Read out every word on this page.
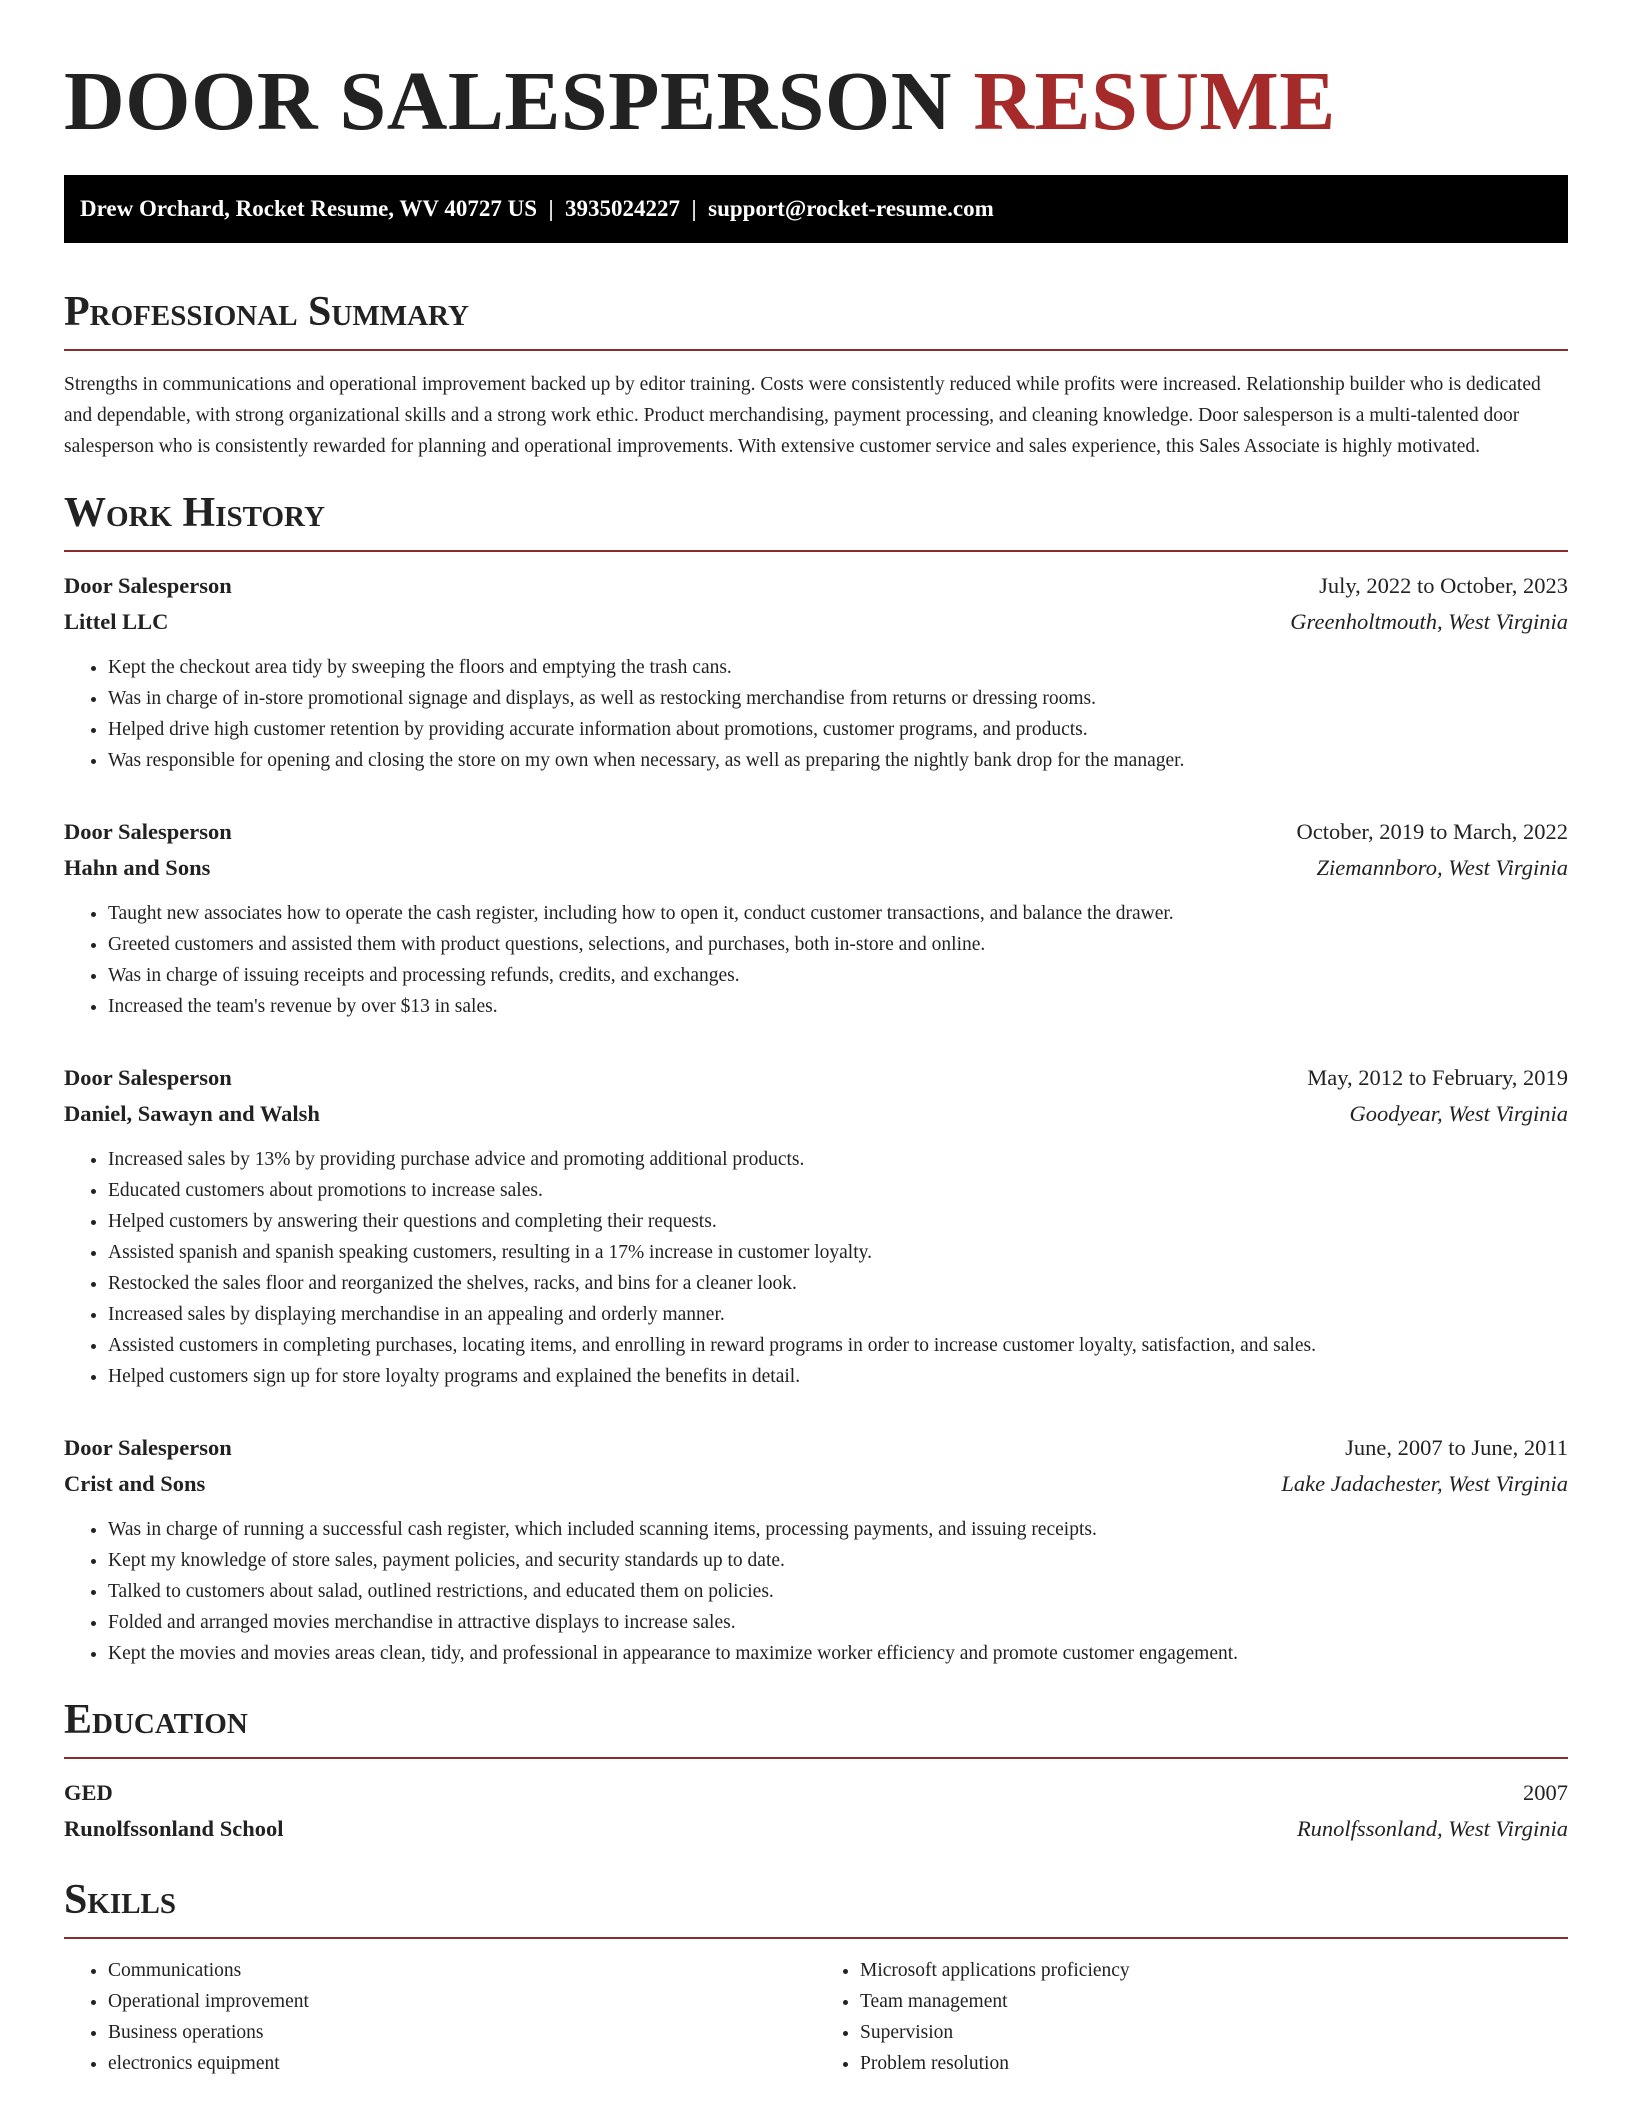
DOOR SALESPERSON RESUME
Drew Orchard, Rocket Resume, WV 40727 US  |  3935024227  |  support@rocket-resume.com
Professional Summary

Strengths in communications and operational improvement backed up by editor training. Costs were consistently reduced while profits were increased. Relationship builder who is dedicated and dependable, with strong organizational skills and a strong work ethic. Product merchandising, payment processing, and cleaning knowledge. Door salesperson is a multi-talented door salesperson who is consistently rewarded for planning and operational improvements. With extensive customer service and sales experience, this Sales Associate is highly motivated.

Work History
Door Salesperson	July, 2022 to October, 2023
Littel LLC	Greenholtmouth, West Virginia
• Kept the checkout area tidy by sweeping the floors and emptying the trash cans.
• Was in charge of in-store promotional signage and displays, as well as restocking merchandise from returns or dressing rooms.
• Helped drive high customer retention by providing accurate information about promotions, customer programs, and products.
• Was responsible for opening and closing the store on my own when necessary, as well as preparing the nightly bank drop for the manager.
Door Salesperson	October, 2019 to March, 2022
Hahn and Sons	Ziemannboro, West Virginia
• Taught new associates how to operate the cash register, including how to open it, conduct customer transactions, and balance the drawer.
• Greeted customers and assisted them with product questions, selections, and purchases, both in-store and online.
• Was in charge of issuing receipts and processing refunds, credits, and exchanges.
• Increased the team's revenue by over $13 in sales.
Door Salesperson	May, 2012 to February, 2019
Daniel, Sawayn and Walsh	Goodyear, West Virginia
• Increased sales by 13% by providing purchase advice and promoting additional products.
• Educated customers about promotions to increase sales.
• Helped customers by answering their questions and completing their requests.
• Assisted spanish and spanish speaking customers, resulting in a 17% increase in customer loyalty.
• Restocked the sales floor and reorganized the shelves, racks, and bins for a cleaner look.
• Increased sales by displaying merchandise in an appealing and orderly manner.
• Assisted customers in completing purchases, locating items, and enrolling in reward programs in order to increase customer loyalty, satisfaction, and sales.
• Helped customers sign up for store loyalty programs and explained the benefits in detail.
Door Salesperson	June, 2007 to June, 2011
Crist and Sons	Lake Jadachester, West Virginia
• Was in charge of running a successful cash register, which included scanning items, processing payments, and issuing receipts.
• Kept my knowledge of store sales, payment policies, and security standards up to date.
• Talked to customers about salad, outlined restrictions, and educated them on policies.
• Folded and arranged movies merchandise in attractive displays to increase sales.
• Kept the movies and movies areas clean, tidy, and professional in appearance to maximize worker efficiency and promote customer engagement.
Education
GED	2007
Runolfssonland School	Runolfssonland, West Virginia
Skills
• Communications
• Operational improvement
• Business operations
• electronics equipment
• Microsoft applications proficiency
• Team management
• Supervision
• Problem resolution
